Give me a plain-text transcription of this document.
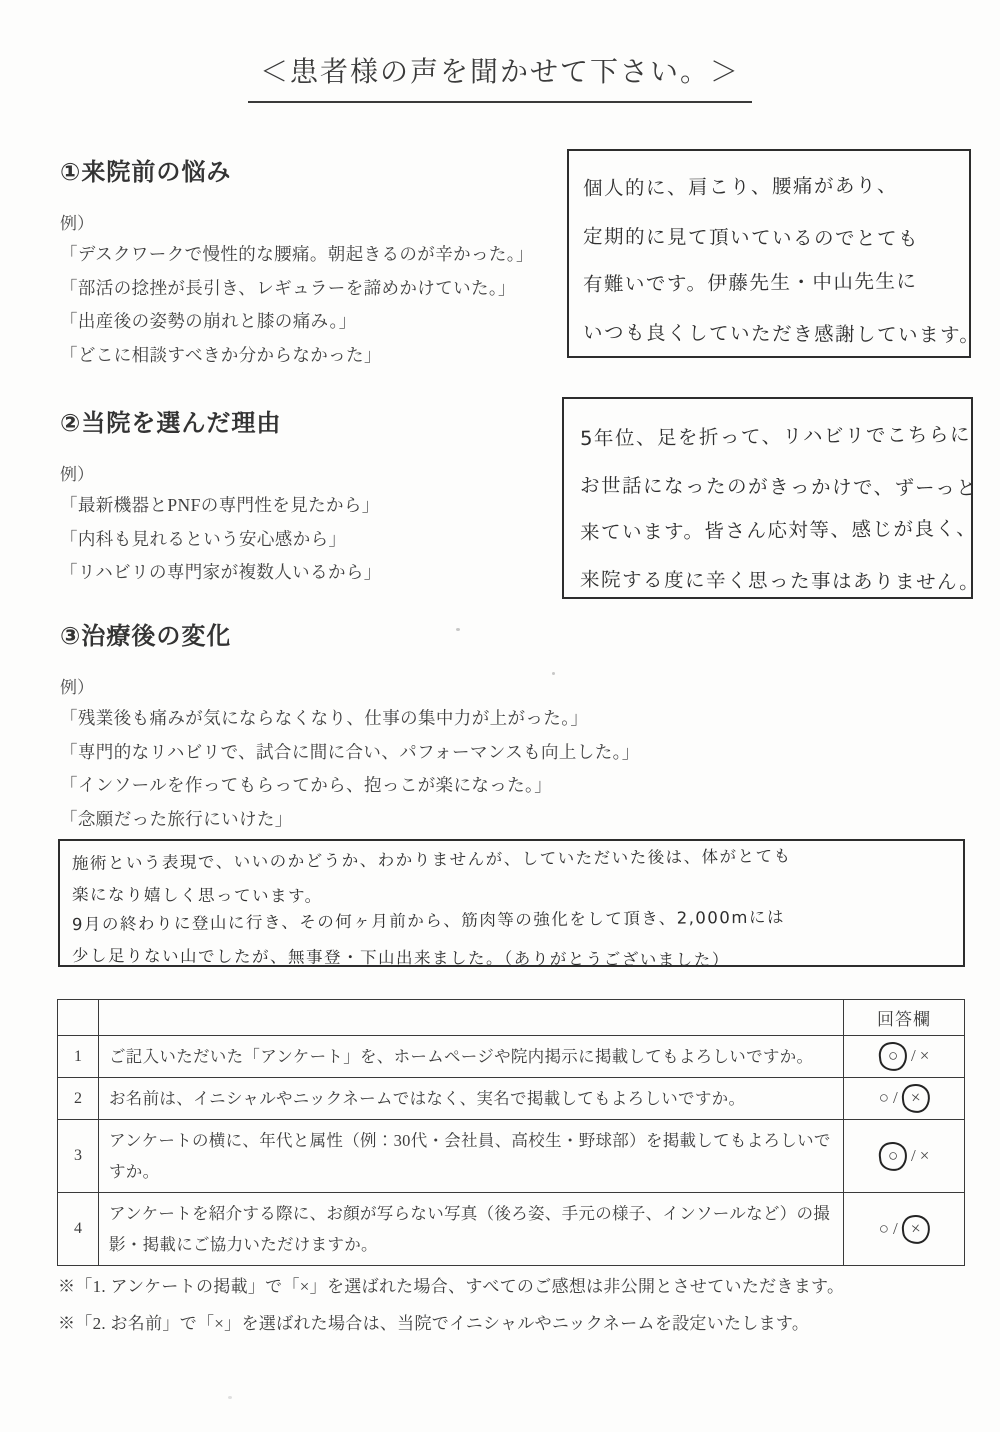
＜患者様の声を聞かせて下さい。＞
①来院前の悩み
例）
「デスクワークで慢性的な腰痛。朝起きるのが辛かった。」
「部活の捻挫が長引き、レギュラーを諦めかけていた。」
「出産後の姿勢の崩れと膝の痛み。」
「どこに相談すべきか分からなかった」
個人的に、肩こり、腰痛があり、
定期的に見て頂いているのでとても
有難いです。伊藤先生・中山先生に
いつも良くしていただき感謝しています。
②当院を選んだ理由
例）
「最新機器とPNFの専門性を見たから」
「内科も見れるという安心感から」
「リハビリの専門家が複数人いるから」
5年位、足を折って、リハビリでこちらに
お世話になったのがきっかけで、ずーっと
来ています。皆さん応対等、感じが良く、
来院する度に辛く思った事はありません。
③治療後の変化
例）
「残業後も痛みが気にならなくなり、仕事の集中力が上がった。」
「専門的なリハビリで、試合に間に合い、パフォーマンスも向上した。」
「インソールを作ってもらってから、抱っこが楽になった。」
「念願だった旅行にいけた」
施術という表現で、いいのかどうか、わかりませんが、していただいた後は、体がとても
楽になり嬉しく思っています。
9月の終わりに登山に行き、その何ヶ月前から、筋肉等の強化をして頂き、2,000mには
少し足りない山でしたが、無事登・下山出来ました。（ありがとうございました）
		回答欄
1	ご記入いただいた「アンケート」を、ホームページや院内掲示に掲載してもよろしいですか。	○ / ×
2	お名前は、イニシャルやニックネームではなく、実名で掲載してもよろしいですか。	○ / ×
3	アンケートの横に、年代と属性（例：30代・会社員、高校生・野球部）を掲載してもよろしいですか。	○ / ×
4	アンケートを紹介する際に、お顔が写らない写真（後ろ姿、手元の様子、インソールなど）の撮影・掲載にご協力いただけますか。	○ / ×
※「1. アンケートの掲載」で「×」を選ばれた場合、すべてのご感想は非公開とさせていただきます。
※「2. お名前」で「×」を選ばれた場合は、当院でイニシャルやニックネームを設定いたします。
